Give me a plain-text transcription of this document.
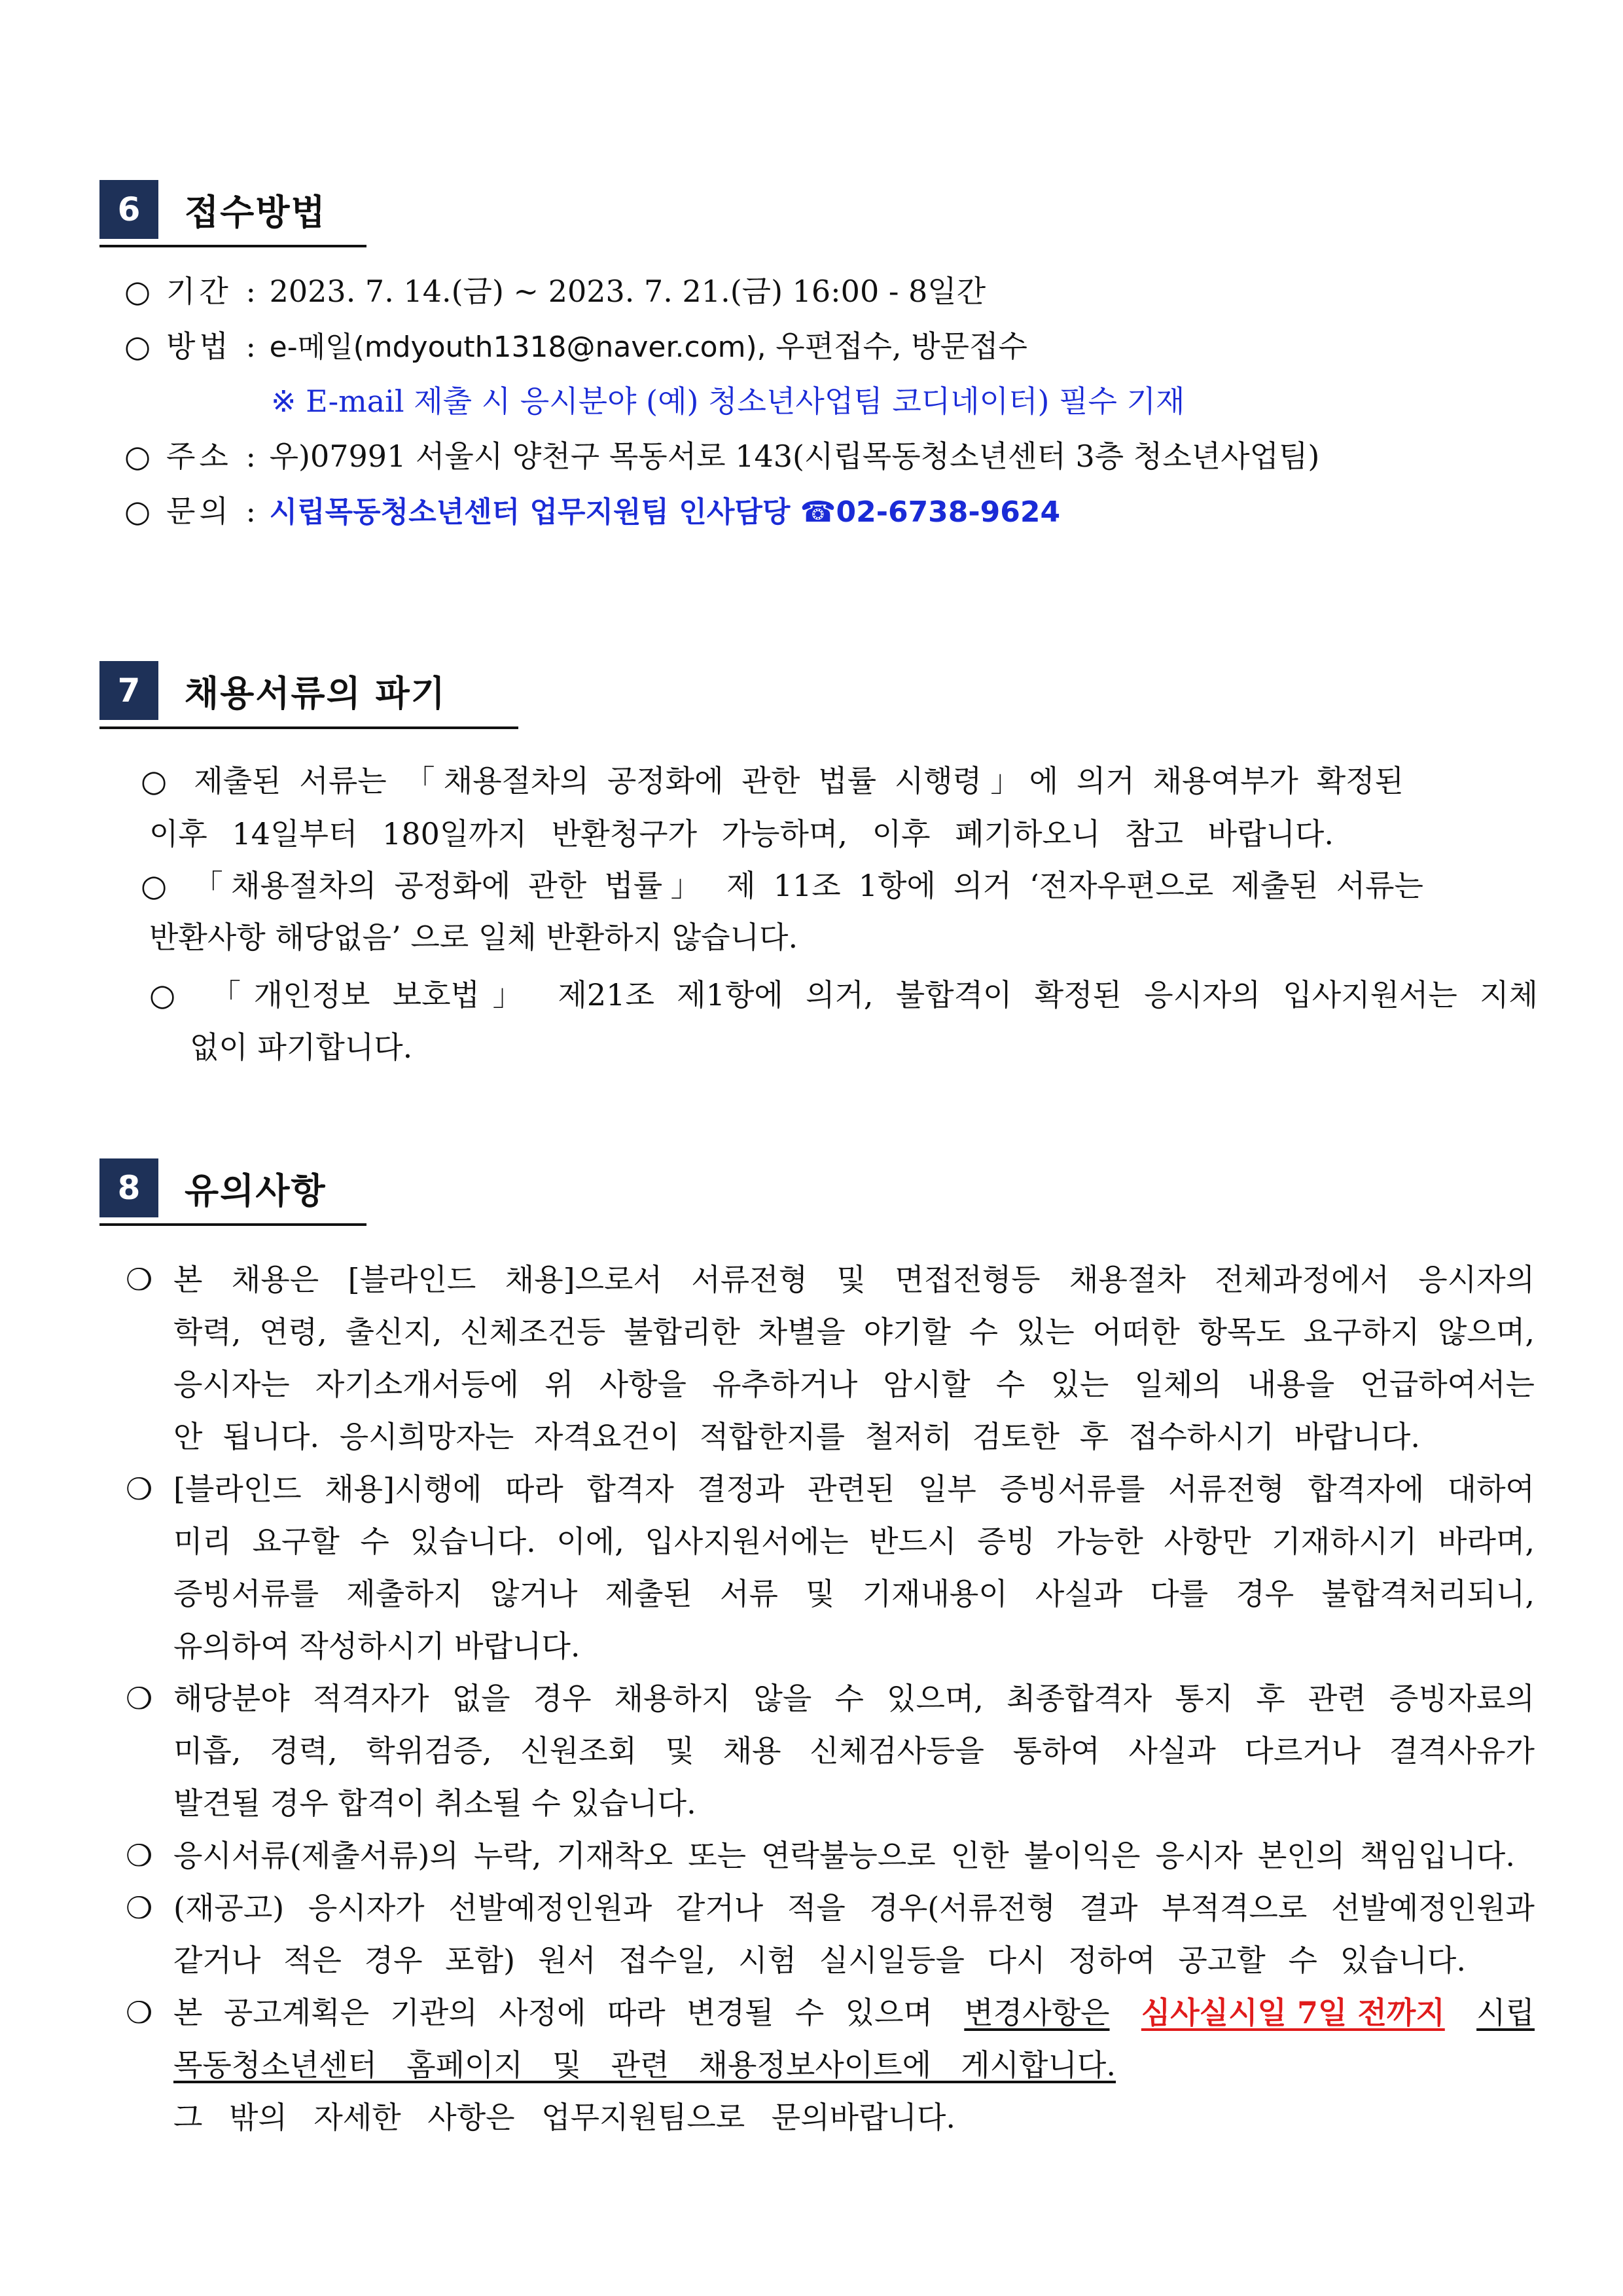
6	접수방법
○ 기간 : 2023. 7. 14.(금) ~ 2023. 7. 21.(금) 16:00 - 8일간
○ 방법 : e-메일(mdyouth1318@naver.com), 우편접수, 방문접수
※ E-mail 제출 시 응시분야 (예) 청소년사업팀 코디네이터) 필수 기재
○ 주소 : 우)07991 서울시 양천구 목동서로 143(시립목동청소년센터 3층 청소년사업팀)
○ 문의 : 시립목동청소년센터 업무지원팀 인사담당 ☎02-6738-9624
7	채용서류의 파기
○ 제출된 서류는 「채용절차의 공정화에 관한 법률 시행령」에 의거 채용여부가 확정된
이후 14일부터 180일까지 반환청구가 가능하며, 이후 폐기하오니 참고 바랍니다.
○ 「채용절차의 공정화에 관한 법률」 제 11조 1항에 의거 ‘전자우편으로 제출된 서류는
반환사항 해당없음’ 으로 일체 반환하지 않습니다.
○ 「개인정보 보호법」 제21조 제1항에 의거, 불합격이 확정된 응시자의 입사지원서는 지체
없이 파기합니다.
8	유의사항
❍ 본 채용은 [블라인드 채용]으로서 서류전형 및 면접전형등 채용절차 전체과정에서 응시자의
학력, 연령, 출신지, 신체조건등 불합리한 차별을 야기할 수 있는 어떠한 항목도 요구하지 않으며,
응시자는 자기소개서등에 위 사항을 유추하거나 암시할 수 있는 일체의 내용을 언급하여서는
안 됩니다. 응시희망자는 자격요건이 적합한지를 철저히 검토한 후 접수하시기 바랍니다.
❍ [블라인드 채용]시행에 따라 합격자 결정과 관련된 일부 증빙서류를 서류전형 합격자에 대하여
미리 요구할 수 있습니다. 이에, 입사지원서에는 반드시 증빙 가능한 사항만 기재하시기 바라며,
증빙서류를 제출하지 않거나 제출된 서류 및 기재내용이 사실과 다를 경우 불합격처리되니,
유의하여 작성하시기 바랍니다.
❍ 해당분야 적격자가 없을 경우 채용하지 않을 수 있으며, 최종합격자 통지 후 관련 증빙자료의
미흡, 경력, 학위검증, 신원조회 및 채용 신체검사등을 통하여 사실과 다르거나 결격사유가
발견될 경우 합격이 취소될 수 있습니다.
❍ 응시서류(제출서류)의 누락, 기재착오 또는 연락불능으로 인한 불이익은 응시자 본인의 책임입니다.
❍ (재공고) 응시자가 선발예정인원과 같거나 적을 경우(서류전형 결과 부적격으로 선발예정인원과
같거나 적은 경우 포함) 원서 접수일, 시험 실시일등을 다시 정하여 공고할 수 있습니다.
❍ 본 공고계획은 기관의 사정에 따라 변경될 수 있으며 변경사항은 심사실시일 7일 전까지 시립
목동청소년센터 홈페이지 및 관련 채용정보사이트에 게시합니다.
그 밖의 자세한 사항은 업무지원팀으로 문의바랍니다.
